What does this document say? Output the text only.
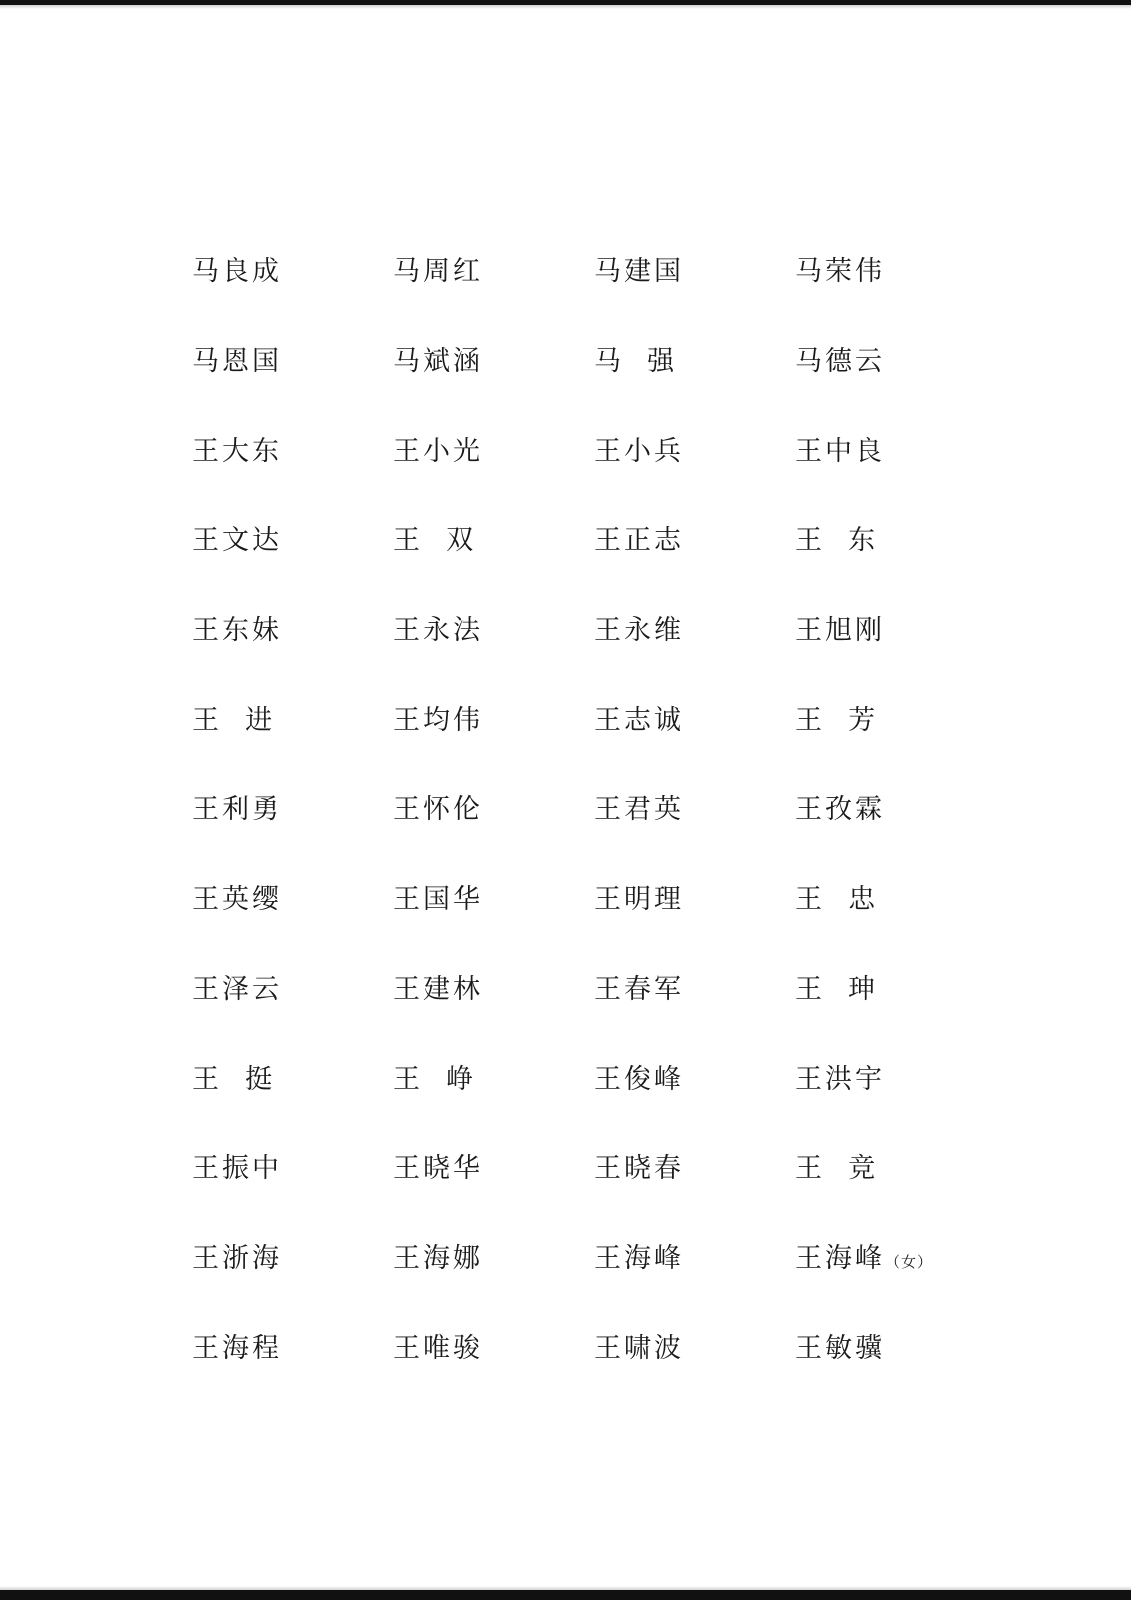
马良成	马周红	马建国	马荣伟
马恩国	马斌涵	马  强	马德云
王大东	王小光	王小兵	王中良
王文达	王  双	王正志	王  东
王东妹	王永法	王永维	王旭刚
王  进	王均伟	王志诚	王  芳
王利勇	王怀伦	王君英	王孜霖
王英缨	王国华	王明理	王  忠
王泽云	王建林	王春军	王  珅
王  挺	王  峥	王俊峰	王洪宇
王振中	王晓华	王晓春	王  竞
王浙海	王海娜	王海峰	王海峰（女）
王海程	王唯骏	王啸波	王敏骥
